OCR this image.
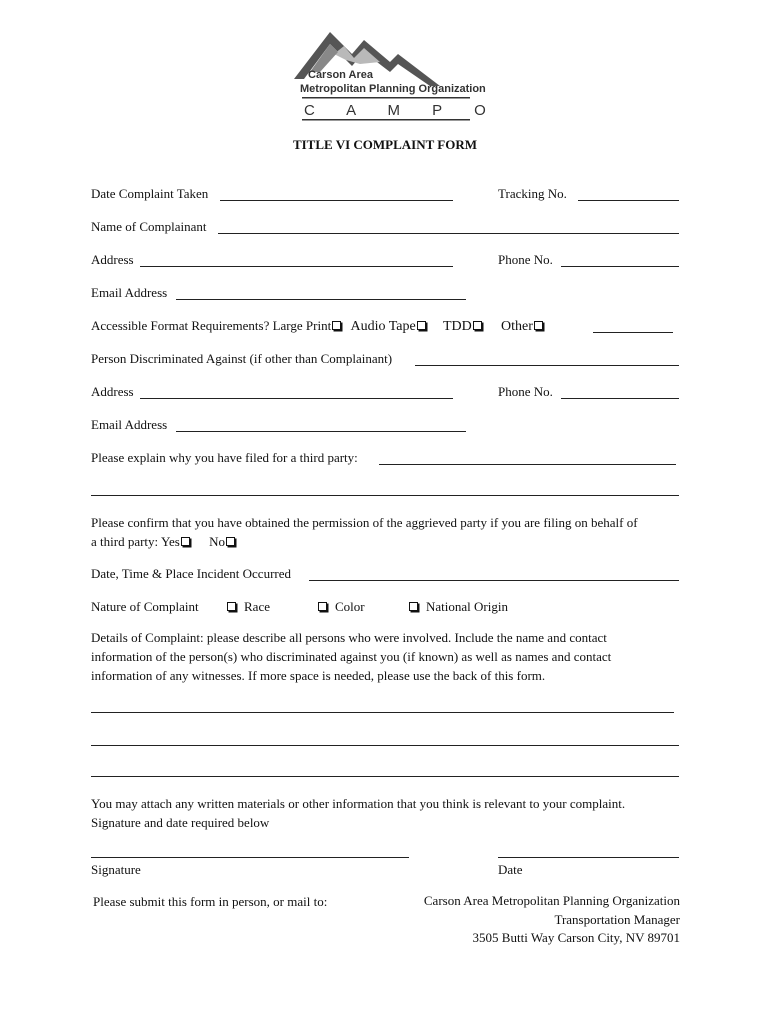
Carson Area
Metropolitan Planning Organization
C A M P O
TITLE VI COMPLAINT FORM
Date Complaint Taken	Tracking No.
Name of Complainant
Address	Phone No.
Email Address
Accessible Format Requirements? Large Print Audio Tape TDD Other
Person Discriminated Against (if other than Complainant)
Address	Phone No.
Email Address
Please explain why you have filed for a third party:
Please confirm that you have obtained the permission of the aggrieved party if you are filing on behalf of
a third party: Yes No
Date, Time & Place Incident Occurred
Nature of Complaint	Race	Color	National Origin
Details of Complaint: please describe all persons who were involved. Include the name and contact
information of the person(s) who discriminated against you (if known) as well as names and contact
information of any witnesses. If more space is needed, please use the back of this form.
You may attach any written materials or other information that you think is relevant to your complaint.
Signature and date required below
Signature	Date
Please submit this form in person, or mail to:	Carson Area Metropolitan Planning Organization
Transportation Manager
3505 Butti Way Carson City, NV 89701
